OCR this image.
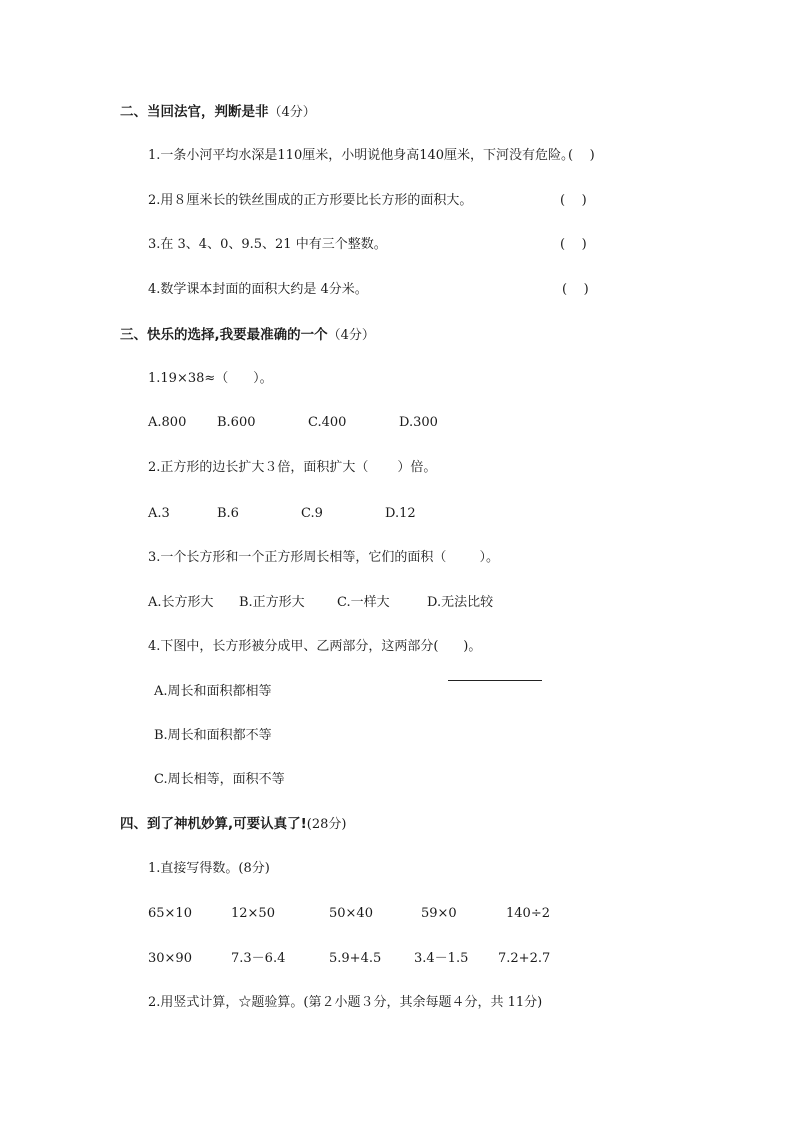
二、当回法官，判断是非（4分）
1.一条小河平均水深是110厘米，小明说他身高140厘米，下河没有危险。
(    )
2.用８厘米长的铁丝围成的正方形要比长方形的面积大。	(    )
3.在 3、4、0、9.5、21 中有三个整数。	(    )
4.数学课本封面的面积大约是 4分米。	(    )
三、快乐的选择,我要最准确的一个（4分）
1.19×38≈（      ）。
A.800 B.600	C.400	D.300
2.正方形的边长扩大３倍，面积扩大（       ）倍。
A.3	B.6	C.9	D.12
3.一个长方形和一个正方形周长相等，它们的面积（        ）。
A.长方形大 B.正方形大 C.一样大	D.无法比较
4.下图中，长方形被分成甲、乙两部分，这两部分(      )。
A.周长和面积都相等
B.周长和面积都不等
C.周长相等，面积不等
四、到了神机妙算,可要认真了!(28分)
1.直接写得数。(8分)
65×10	12×50	50×40	59×0	140÷2
30×90	7.3－6.4	5.9+4.5	3.4－1.5 7.2+2.7
2.用竖式计算，☆题验算。(第２小题３分，其余每题４分，共 11分)
